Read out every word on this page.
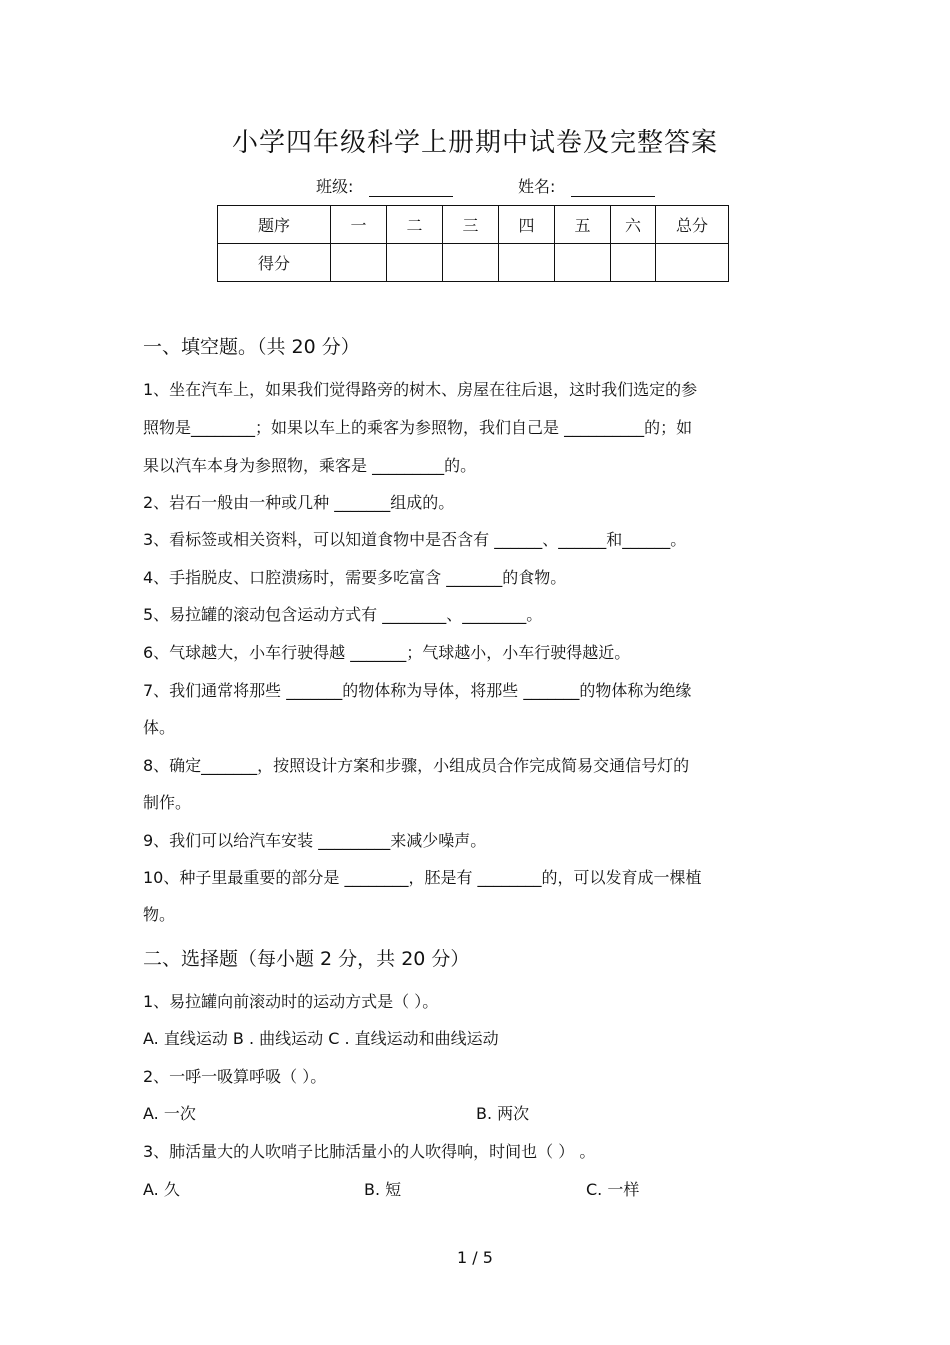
小学四年级科学上册期中试卷及完整答案
班级:	姓名:
题序	一	二	三	四	五	六	总分
得分							
一、填空题。（共 20 分）
1、坐在汽车上，如果我们觉得路旁的树木、房屋在往后退，这时我们选定的参
照物是________；如果以车上的乘客为参照物，我们自己是 __________的；如
果以汽车本身为参照物，乘客是 _________的。
2、岩石一般由一种或几种 _______组成的。
3、看标签或相关资料，可以知道食物中是否含有 ______、______和______。
4、手指脱皮、口腔溃疡时，需要多吃富含 _______的食物。
5、易拉罐的滚动包含运动方式有 ________、________。
6、气球越大，小车行驶得越 _______；气球越小，小车行驶得越近。
7、我们通常将那些 _______的物体称为导体，将那些 _______的物体称为绝缘
体。
8、确定_______，按照设计方案和步骤，小组成员合作完成简易交通信号灯的
制作。
9、我们可以给汽车安装 _________来减少噪声。
10、种子里最重要的部分是 ________，胚是有 ________的，可以发育成一棵植
物。
二、选择题（每小题 2 分，共 20 分）
1、易拉罐向前滚动时的运动方式是（ ）。
A. 直线运动 B . 曲线运动 C . 直线运动和曲线运动
2、一呼一吸算呼吸（ ）。
A. 一次	B. 两次
3、肺活量大的人吹哨子比肺活量小的人吹得响，时间也（ ） 。
A. 久	B. 短	C. 一样
1 / 5
